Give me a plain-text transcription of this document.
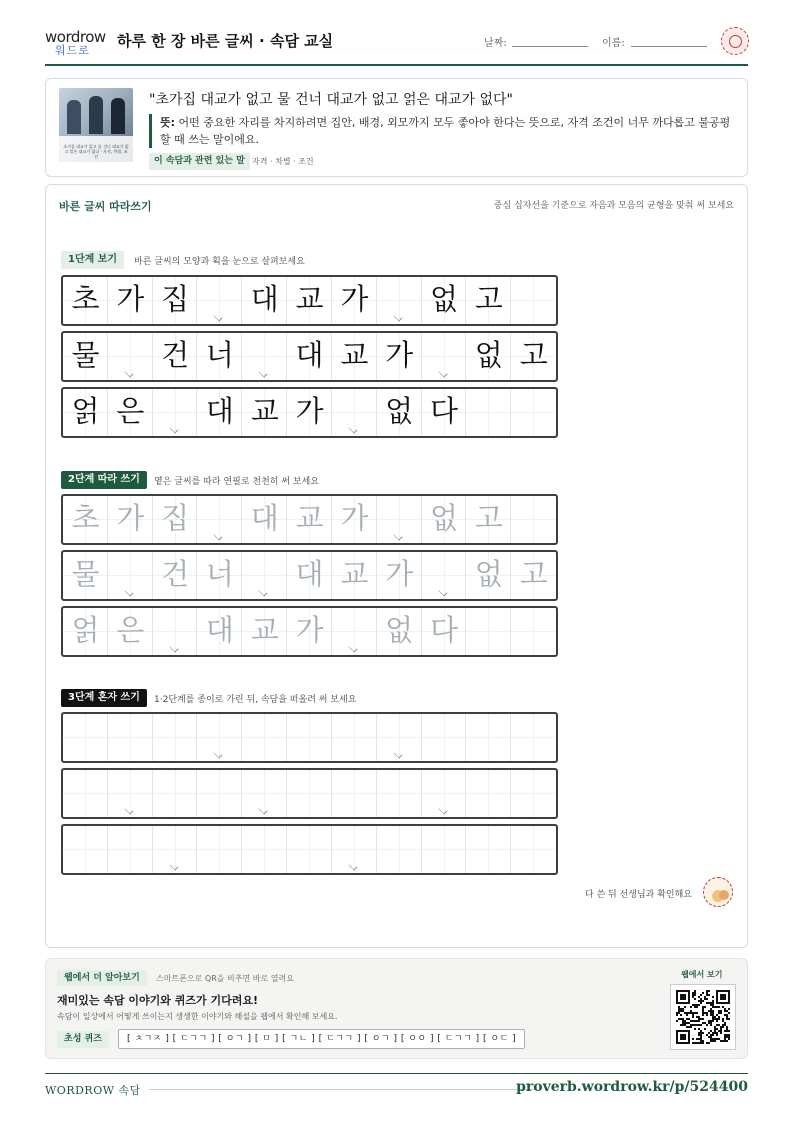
wordrow
워드로
하루 한 장 바른 글씨 · 속담 교실	날짜:	이름:
초가집 대교가 없고 물 건너 대교가 없고 얽은 대교가 없다 · 자격, 차별, 조건
"초가집 대교가 없고 물 건너 대교가 없고 얽은 대교가 없다"
뜻: 어떤 중요한 자리를 차지하려면 집안, 배경, 외모까지 모두 좋아야 한다는 뜻으로, 자격 조건이 너무 까다롭고 불공평할 때 쓰는 말이에요.
이 속담과 관련 있는 말 자격 · 차별 · 조건
바른 글씨 따라쓰기	중심 십자선을 기준으로 자음과 모음의 균형을 맞춰 써 보세요
1단계 보기	바른 글씨의 모양과 획을 눈으로 살펴보세요
2단계 따라 쓰기	옅은 글씨를 따라 연필로 천천히 써 보세요
3단계 혼자 쓰기	1·2단계를 종이로 가린 뒤, 속담을 떠올려 써 보세요
초 가 집 대 교 가 없 고
물 건 너 대 교 가 없 고
얽 은 대 교 가 없 다
초 가 집 대 교 가 없 고
물 건 너 대 교 가 없 고
얽 은 대 교 가 없 다
다 쓴 뒤 선생님과 확인해요
웹에서 더 알아보기	스마트폰으로 QR을 비추면 바로 열려요
재미있는 속담 이야기와 퀴즈가 기다려요!
속담이 일상에서 어떻게 쓰이는지 생생한 이야기와 해설을 웹에서 확인해 보세요.
초성 퀴즈	[ ㅊㄱㅈ ] [ ㄷㄱㄱ ] [ ㅇㄱ ] [ ㅁ ] [ ㄱㄴ ] [ ㄷㄱㄱ ] [ ㅇㄱ ] [ ㅇㅇ ] [ ㄷㄱㄱ ] [ ㅇㄷ ]
웹에서 보기
WORDROW 속담	proverb.wordrow.kr/p/524400
